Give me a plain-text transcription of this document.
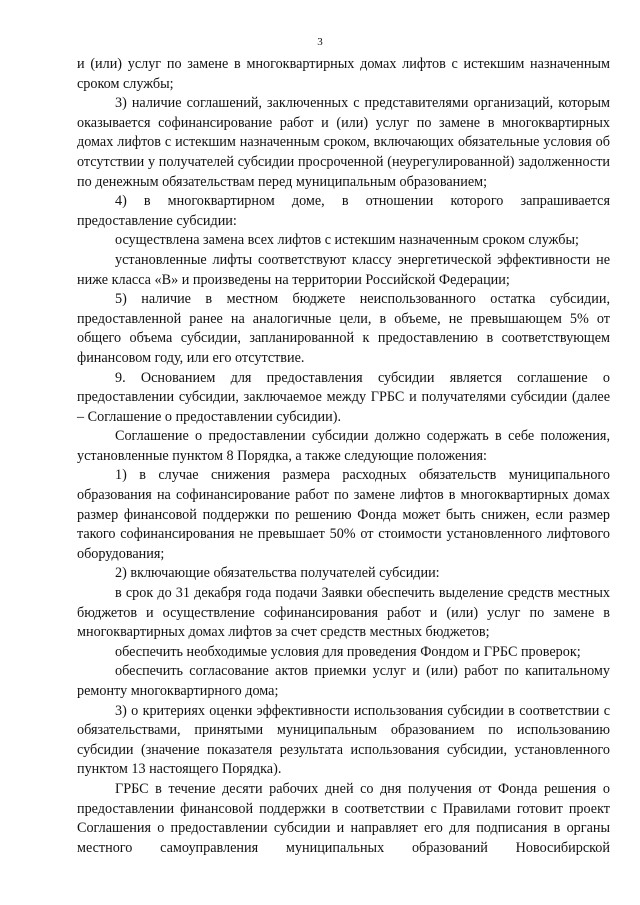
3

и (или) услуг по замене в многоквартирных домах лифтов с истекшим назначенным сроком службы;

3) наличие соглашений, заключенных с представителями организаций, которым оказывается софинансирование работ и (или) услуг по замене в многоквартирных домах лифтов с истекшим назначенным сроком, включающих обязательные условия об отсутствии у получателей субсидии просроченной (неурегулированной) задолженности по денежным обязательствам перед муниципальным образованием;

4) в многоквартирном доме, в отношении которого запрашивается предоставление субсидии:

осуществлена замена всех лифтов с истекшим назначенным сроком службы;

установленные лифты соответствуют классу энергетической эффективности не ниже класса «В» и произведены на территории Российской Федерации;

5) наличие в местном бюджете неиспользованного остатка субсидии, предоставленной ранее на аналогичные цели, в объеме, не превышающем 5% от общего объема субсидии, запланированной к предоставлению в соответствующем финансовом году, или его отсутствие.

9. Основанием для предоставления субсидии является соглашение о предоставлении субсидии, заключаемое между ГРБС и получателями субсидии (далее – Соглашение о предоставлении субсидии).

Соглашение о предоставлении субсидии должно содержать в себе положения, установленные пунктом 8 Порядка, а также следующие положения:

1) в случае снижения размера расходных обязательств муниципального образования на софинансирование работ по замене лифтов в многоквартирных домах размер финансовой поддержки по решению Фонда может быть снижен, если размер такого софинансирования не превышает 50% от стоимости установленного лифтового оборудования;

2) включающие обязательства получателей субсидии:

в срок до 31 декабря года подачи Заявки обеспечить выделение средств местных бюджетов и осуществление софинансирования работ и (или) услуг по замене в многоквартирных домах лифтов за счет средств местных бюджетов;

обеспечить необходимые условия для проведения Фондом и ГРБС проверок;

обеспечить согласование актов приемки услуг и (или) работ по капитальному ремонту многоквартирного дома;

3) о критериях оценки эффективности использования субсидии в соответствии с обязательствами, принятыми муниципальным образованием по использованию субсидии (значение показателя результата использования субсидии, установленного пунктом 13 настоящего Порядка).

ГРБС в течение десяти рабочих дней со дня получения от Фонда решения о предоставлении финансовой поддержки в соответствии с Правилами готовит проект Соглашения о предоставлении субсидии и направляет его для подписания в органы местного самоуправления муниципальных образований Новосибирской
